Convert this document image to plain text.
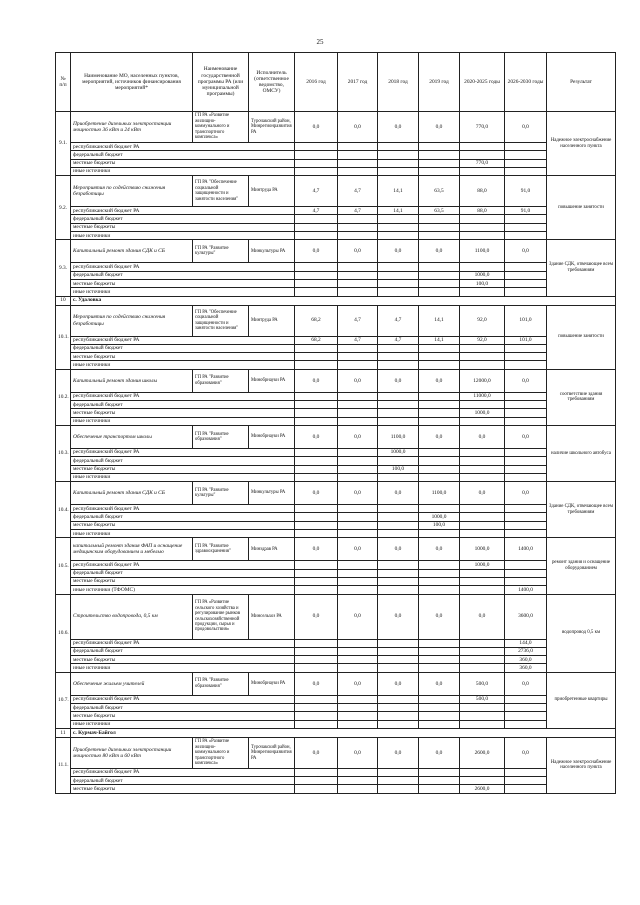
25
№ п/п	Наименование МО, населенных пунктов, мероприятий, источников финансирования мероприятий*	Наименование государственной программы РА (или муниципальной программы)	Исполнитель (ответственное ведомство, ОМСУ)	2016 год	2017 год	2018 год	2019 год	2020-2025 годы	2026-2030 годы	Результат
9.1.	Приобретение дизельных электростанции мощностью 36 кВт и 24 кВт	ГП РА «Развитие жилищно-коммунального и транспортного комплекса»	Турочакский район, Минрегионразвития РА	0,0	0,0	0,0	0,0	770,0	0,0	Надежное электроснабжение населенного пункта
	республиканский бюджет РА									
	федеральный бюджет									
	местные бюджеты							770,0		
	иные источники									
9.2.	Мероприятия по содействию снижения безработицы	ГП РА "Обеспечение социальной защищенности и занятости населения"	Минтруда РА	4,7	4,7	14,1	63,5	88,0	91,0	повышение занятости
	республиканский бюджет РА			4,7	4,7	14,1	63,5	88,0	91,0	
	федеральный бюджет									
	местные бюджеты									
	иные источники									
9.3.	Капитальный ремонт здания СДК и СБ	ГП РА "Развитие культуры"	Минкультуры РА	0,0	0,0	0,0	0,0	1100,0	0,0	Здание СДК, отвечающее всем требованиям
	республиканский бюджет РА									
	федеральный бюджет							1000,0		
	местные бюджеты							100,0		
	иные источники									
10	с. Удаловка									
10.1.	Мероприятия по содействию снижения безработицы	ГП РА "Обеспечение социальной защищенности и занятости населения"	Минтруда РА	68,2	4,7	4,7	14,1	92,0	101,0	повышение занятости
	республиканский бюджет РА			68,2	4,7	4,7	14,1	92,0	101,0	
	федеральный бюджет									
	местные бюджеты									
	иные источники									
10.2.	Капитальный ремонт здания школы	ГП РА "Развитие образования"	Минобрнауки РА	0,0	0,0	0,0	0,0	12000,0	0,0	соответствие здания требованиям
	республиканский бюджет РА							11000,0		
	федеральный бюджет									
	местные бюджеты							1000,0		
	иные источники									
10.3.	Обеспечение транспортом школы	ГП РА "Развитие образования"	Минобрнауки РА	0,0	0,0	1100,0	0,0	0,0	0,0	наличие школьного автобуса
	республиканский бюджет РА					1000,0				
	федеральный бюджет									
	местные бюджеты					100,0				
	иные источники									
10.4.	Капитальный ремонт здания СДК и СБ	ГП РА "Развитие культуры"	Минкультуры РА	0,0	0,0	0,0	1100,0	0,0	0,0	Здание СДК, отвечающее всем требованиям
	республиканский бюджет РА									
	федеральный бюджет						1000,0			
	местные бюджеты						100,0			
	иные источники									
10.5.	капитальный ремонт здания ФАП и оснащение медицинским оборудованием и мебелью	ГП РА "Развитие здравоохранения"	Минздрав РА	0,0	0,0	0,0	0,0	1000,0	1400,0	ремонт здания и оснащение оборудованием
	республиканский бюджет РА							1000,0		
	федеральный бюджет									
	местные бюджеты									
	иные источники (ТФОМС)								1400,0	
10.6.	Строительство водопровода, 0,5 км	ГП РА «Развитие сельского хозяйства и регулирование рынков сельскохозяйственной продукции, сырья и продовольствия»	Минсельхоз РА	0,0	0,0	0,0	0,0	0,0	3600,0	водопровод 0,5 км
	республиканский бюджет РА								144,0	
	федеральный бюджет								2736,0	
	местные бюджеты								360,0	
	иные источники								360,0	
10.7.	Обеспечение жильем учителей	ГП РА "Развитие образования"	Минобрнауки РА	0,0	0,0	0,0	0,0	500,0	0,0	приобретенные квартиры
	республиканский бюджет РА							500,0		
	федеральный бюджет									
	местные бюджеты									
	иные источники									
11	с. Курмач-Байгол									
11.1.	Приобретение дизельных электростанции мощностью 80 кВт и 60 кВт	ГП РА «Развитие жилищно-коммунального и транспортного комплекса»	Турочакский район, Минрегионразвития РА	0,0	0,0	0,0	0,0	2600,0	0,0	Надежное электроснабжение населенного пункта
	республиканский бюджет РА									
	федеральный бюджет									
	местные бюджеты							2600,0		
